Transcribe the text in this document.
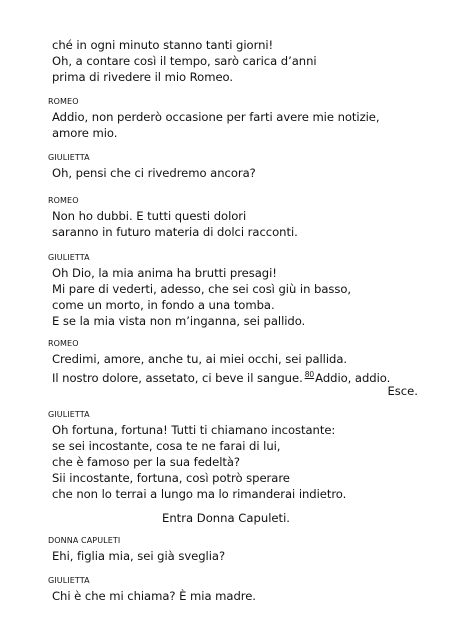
ché in ogni minuto stanno tanti giorni!
Oh, a contare così il tempo, sarò carica d’anni
prima di rivedere il mio Romeo.
ROMEO
Addio, non perderò occasione per farti avere mie notizie,
amore mio.
GIULIETTA
Oh, pensi che ci rivedremo ancora?
ROMEO
Non ho dubbi. E tutti questi dolori
saranno in futuro materia di dolci racconti.
GIULIETTA
Oh Dio, la mia anima ha brutti presagi!
Mi pare di vederti, adesso, che sei così giù in basso,
come un morto, in fondo a una tomba.
E se la mia vista non m’inganna, sei pallido.
ROMEO
Credimi, amore, anche tu, ai miei occhi, sei pallida.
Il nostro dolore, assetato, ci beve il sangue. $^{80}$Addio, addio.
Esce.
GIULIETTA
Oh fortuna, fortuna! Tutti ti chiamano incostante:
se sei incostante, cosa te ne farai di lui,
che è famoso per la sua fedeltà?
Sii incostante, fortuna, così potrò sperare
che non lo terrai a lungo ma lo rimanderai indietro.
Entra Donna Capuleti.
DONNA CAPULETI
Ehi, figlia mia, sei già sveglia?
GIULIETTA
Chi è che mi chiama? È mia madre.
